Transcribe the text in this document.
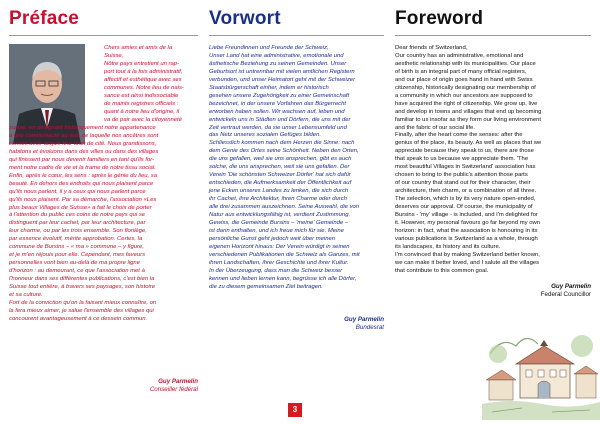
Préface	Vorwort	Foreword

Chers amies et amis de la

Suisse,

Nôtre pays entretient un rap-

port tout à la fois administratif,

affectif et esthétique avec ses

communes. Notre lieu de nais-

sance est ainsi indissociable

de maints registres officiels :

quant à notre lieu d'origine, il

va de pair avec la citoyenneté

suisse, en désignant historiquement notre appartenance

à une communauté au sein de laquelle nos ancêtres sont

censés avoir acquis leur droit de cité. Nous grandissons,

habitons et évoluons dans des villes ou dans des villages

qui finissent par nous devenir familiers en tant qu'ils for-

ment notre cadre de vie et la trame de notre tissu social.

Enfin, après le cœur, les sens : après le génie du lieu, sa

beauté. En dehors des endroits qui nous plaisent parce

qu'ils nous parlent, il y a ceux qui nous parlent parce

qu'ils nous plaisent. Par sa démarche, l'association «Les

plus beaux Villages de Suisse» a fait le choix de porter

à l'attention du public ces coins de notre pays qui se

distinguent par leur cachet, par leur architecture, par

leur charme, ou par les trois ensemble. Son florilège,

par essence évolutif, mérite approbation. Certes, la

commune de Bursins – « ma » commune – y figure,

et je m'en réjouis pour elle. Cependant, mes faveurs

personnelles vont bien au-delà de ma propre ligne

d'horizon : au demeurant, ce que l'association met à

l'honneur dans ses différentes publications, c'est bien la

Suisse tout entière, à travers ses paysages, son histoire

et sa culture.

Fort de la conviction qu'on la faisant mieux connaître, on

la fera mieux aimer, je salue l'ensemble des villages qui

concourent avantageusement à ce dessein commun.

Guy Parmelin
Conseiller fédéral

Liebe Freundinnen und Freunde der Schweiz,

Unser Land hat eine administrative, emotionale und

ästhetische Beziehung zu seinen Gemeinden. Unser

Geburtsort ist untrennbar mit vielen amtlichen Registern

verbunden, und unser Heimatort geht mit der Schweizer

Staatsbürgerschaft einher, indem er historisch

gesehen unsere Zugehörigkeit zu einer Gemeinschaft

bezeichnet, in der unsere Vorfahren das Bürgerrecht

erworben haben sollen. Wir wachsen auf, leben und

entwickeln uns in Städten und Dörfern, die uns mit der

Zeit vertraut werden, da sie unser Lebensumfeld und

das Netz unseres sozialen Gefüges bilden.

Schliesslich kommen nach dem Herzen die Sinne: nach

dem Genie des Ortes seine Schönheit. Neben den Orten,

die uns gefallen, weil sie uns ansprechen, gibt es auch

solche, die uns ansprechen, weil sie uns gefallen. Der

Verein 'Die schönsten Schweizer Dörfer' hat sich dafür

entschieden, die Aufmerksamkeit der Öffentlichkeit auf

jene Ecken unseres Landes zu lenken, die sich durch

ihr Cachet, ihre Architektur, ihren Charme oder durch

alle drei zusammen auszeichnen. Seine Auswahl, die von

Natur aus entwicklungsfähig ist, verdient Zustimmung.

Gewiss, die Gemeinde Bursins – 'meine' Gemeinde –

ist darin enthalten, und ich freue mich für sie. Meine

persönliche Gunst geht jedoch weit über meinen

eigenen Horizont hinaus: Der Verein würdigt in seinen

verschiedenen Publikationen die Schweiz als Ganzes, mit

ihren Landschaften, ihrer Geschichte und ihrer Kultur.

In der Überzeugung, dass man die Schweiz besser

kennen und lieben lernen kann, begrüsse ich alle Dörfer,

die zu diesem gemeinsamen Ziel beitragen.

Guy Parmelin
Bundesrat

Dear friends of Switzerland,

Our country has an administrative, emotional and

aesthetic relationship with its municipalities. Our place

of birth is an integral part of many official registers,

and our place of origin goes hand in hand with Swiss

citizenship, historically designating our membership of

a community in which our ancestors are supposed to

have acquired the right of citizenship. We grow up, live

and develop in towns and villages that end up becoming

familiar to us insofar as they form our living environment

and the fabric of our social life.

Finally, after the heart come the senses: after the

genius of the place, its beauty. As well as places that we

appreciate because they speak to us, there are those

that speak to us because we appreciate them. 'The

most beautiful Villages in Switzerland' association has

chosen to bring to the public's attention those parts

of our country that stand out for their character, their

architecture, their charm, or a combination of all three.

The selection, which is by its very nature open-ended,

deserves our approval. Of course, the municipality of

Bursins - 'my' village - is included, and I'm delighted for

it. However, my personal favours go far beyond my own

horizon: in fact, what the association is honouring in its

various publications is Switzerland as a whole, through

its landscapes, its history and its culture.

I'm convinced that by making Switzerland better known,

we can make it better loved, and I salute all the villages

that contribute to this common goal.

Guy Parmelin
Federal Councillor
3
